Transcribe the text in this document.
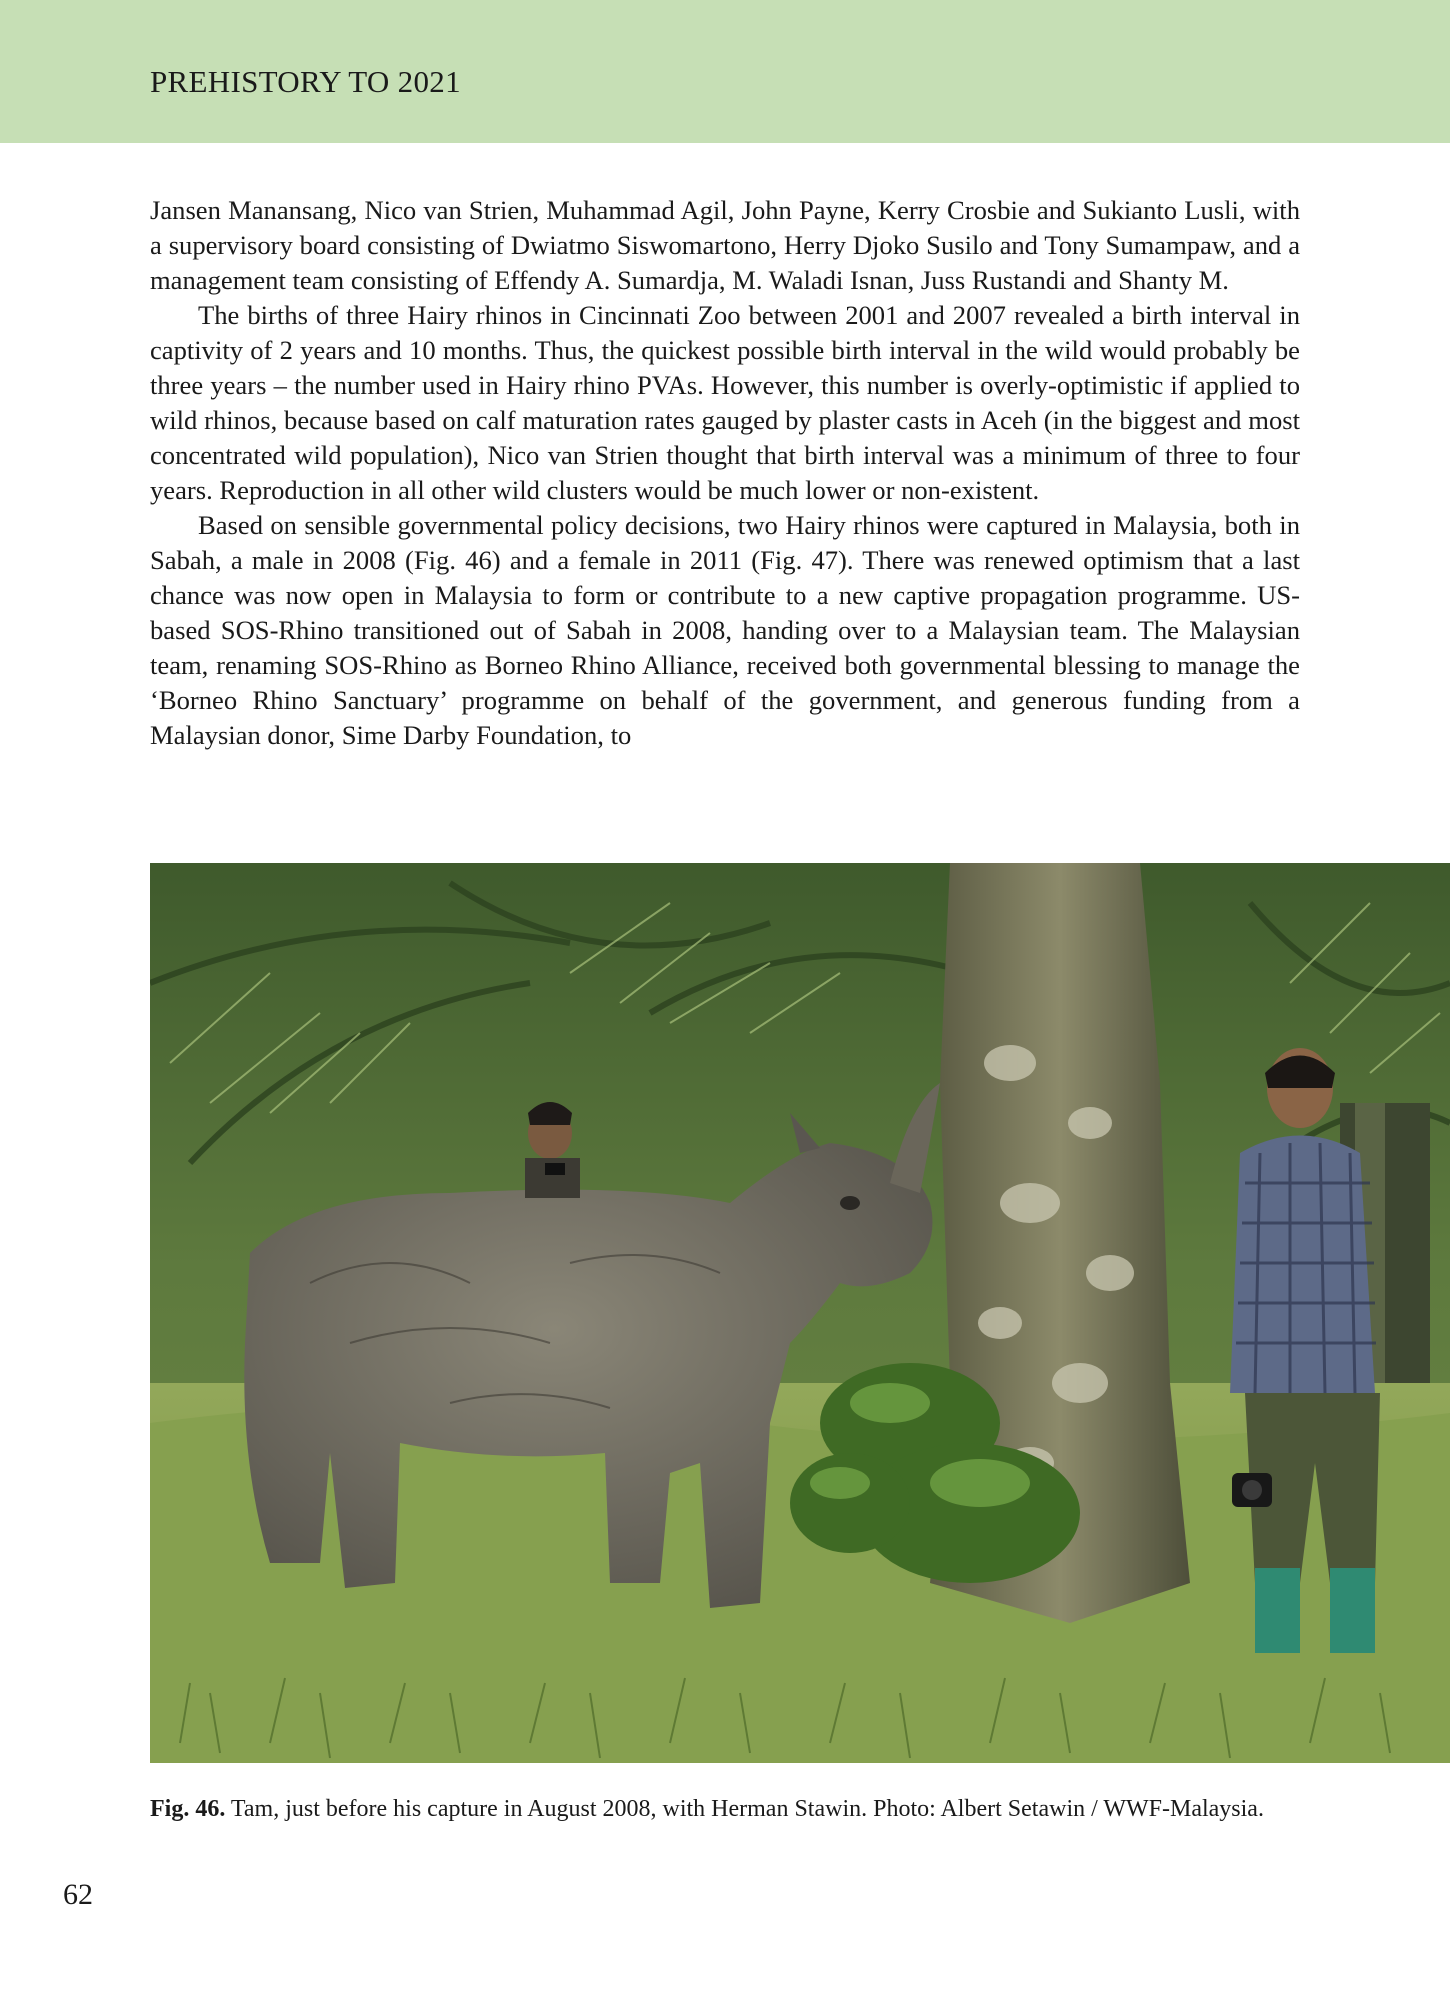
PREHISTORY TO 2021

Jansen Manansang, Nico van Strien, Muhammad Agil, John Payne, Kerry Crosbie and Sukianto Lusli, with a supervisory board consisting of Dwiatmo Siswomartono, Herry Djoko Susilo and Tony Sumampaw, and a management team consisting of Effendy A. Sumardja, M. Waladi Isnan, Juss Rustandi and Shanty M.

The births of three Hairy rhinos in Cincinnati Zoo between 2001 and 2007 revealed a birth interval in captivity of 2 years and 10 months. Thus, the quickest possible birth interval in the wild would probably be three years – the number used in Hairy rhino PVAs. However, this number is overly-optimistic if applied to wild rhinos, because based on calf maturation rates gauged by plaster casts in Aceh (in the biggest and most concentrated wild population), Nico van Strien thought that birth interval was a minimum of three to four years. Reproduction in all other wild clusters would be much lower or non-existent.

Based on sensible governmental policy decisions, two Hairy rhinos were captured in Malaysia, both in Sabah, a male in 2008 (Fig. 46) and a female in 2011 (Fig. 47). There was renewed optimism that a last chance was now open in Malaysia to form or contribute to a new captive propagation programme. US-based SOS-Rhino transitioned out of Sabah in 2008, handing over to a Malaysian team. The Malaysian team, renaming SOS-Rhino as Borneo Rhino Alliance, received both governmental blessing to manage the ‘Borneo Rhino Sanctuary’ programme on behalf of the government, and generous funding from a Malaysian donor, Sime Darby Foundation, to

Fig. 46. Tam, just before his capture in August 2008, with Herman Stawin. Photo: Albert Setawin / WWF-Malaysia.
62
